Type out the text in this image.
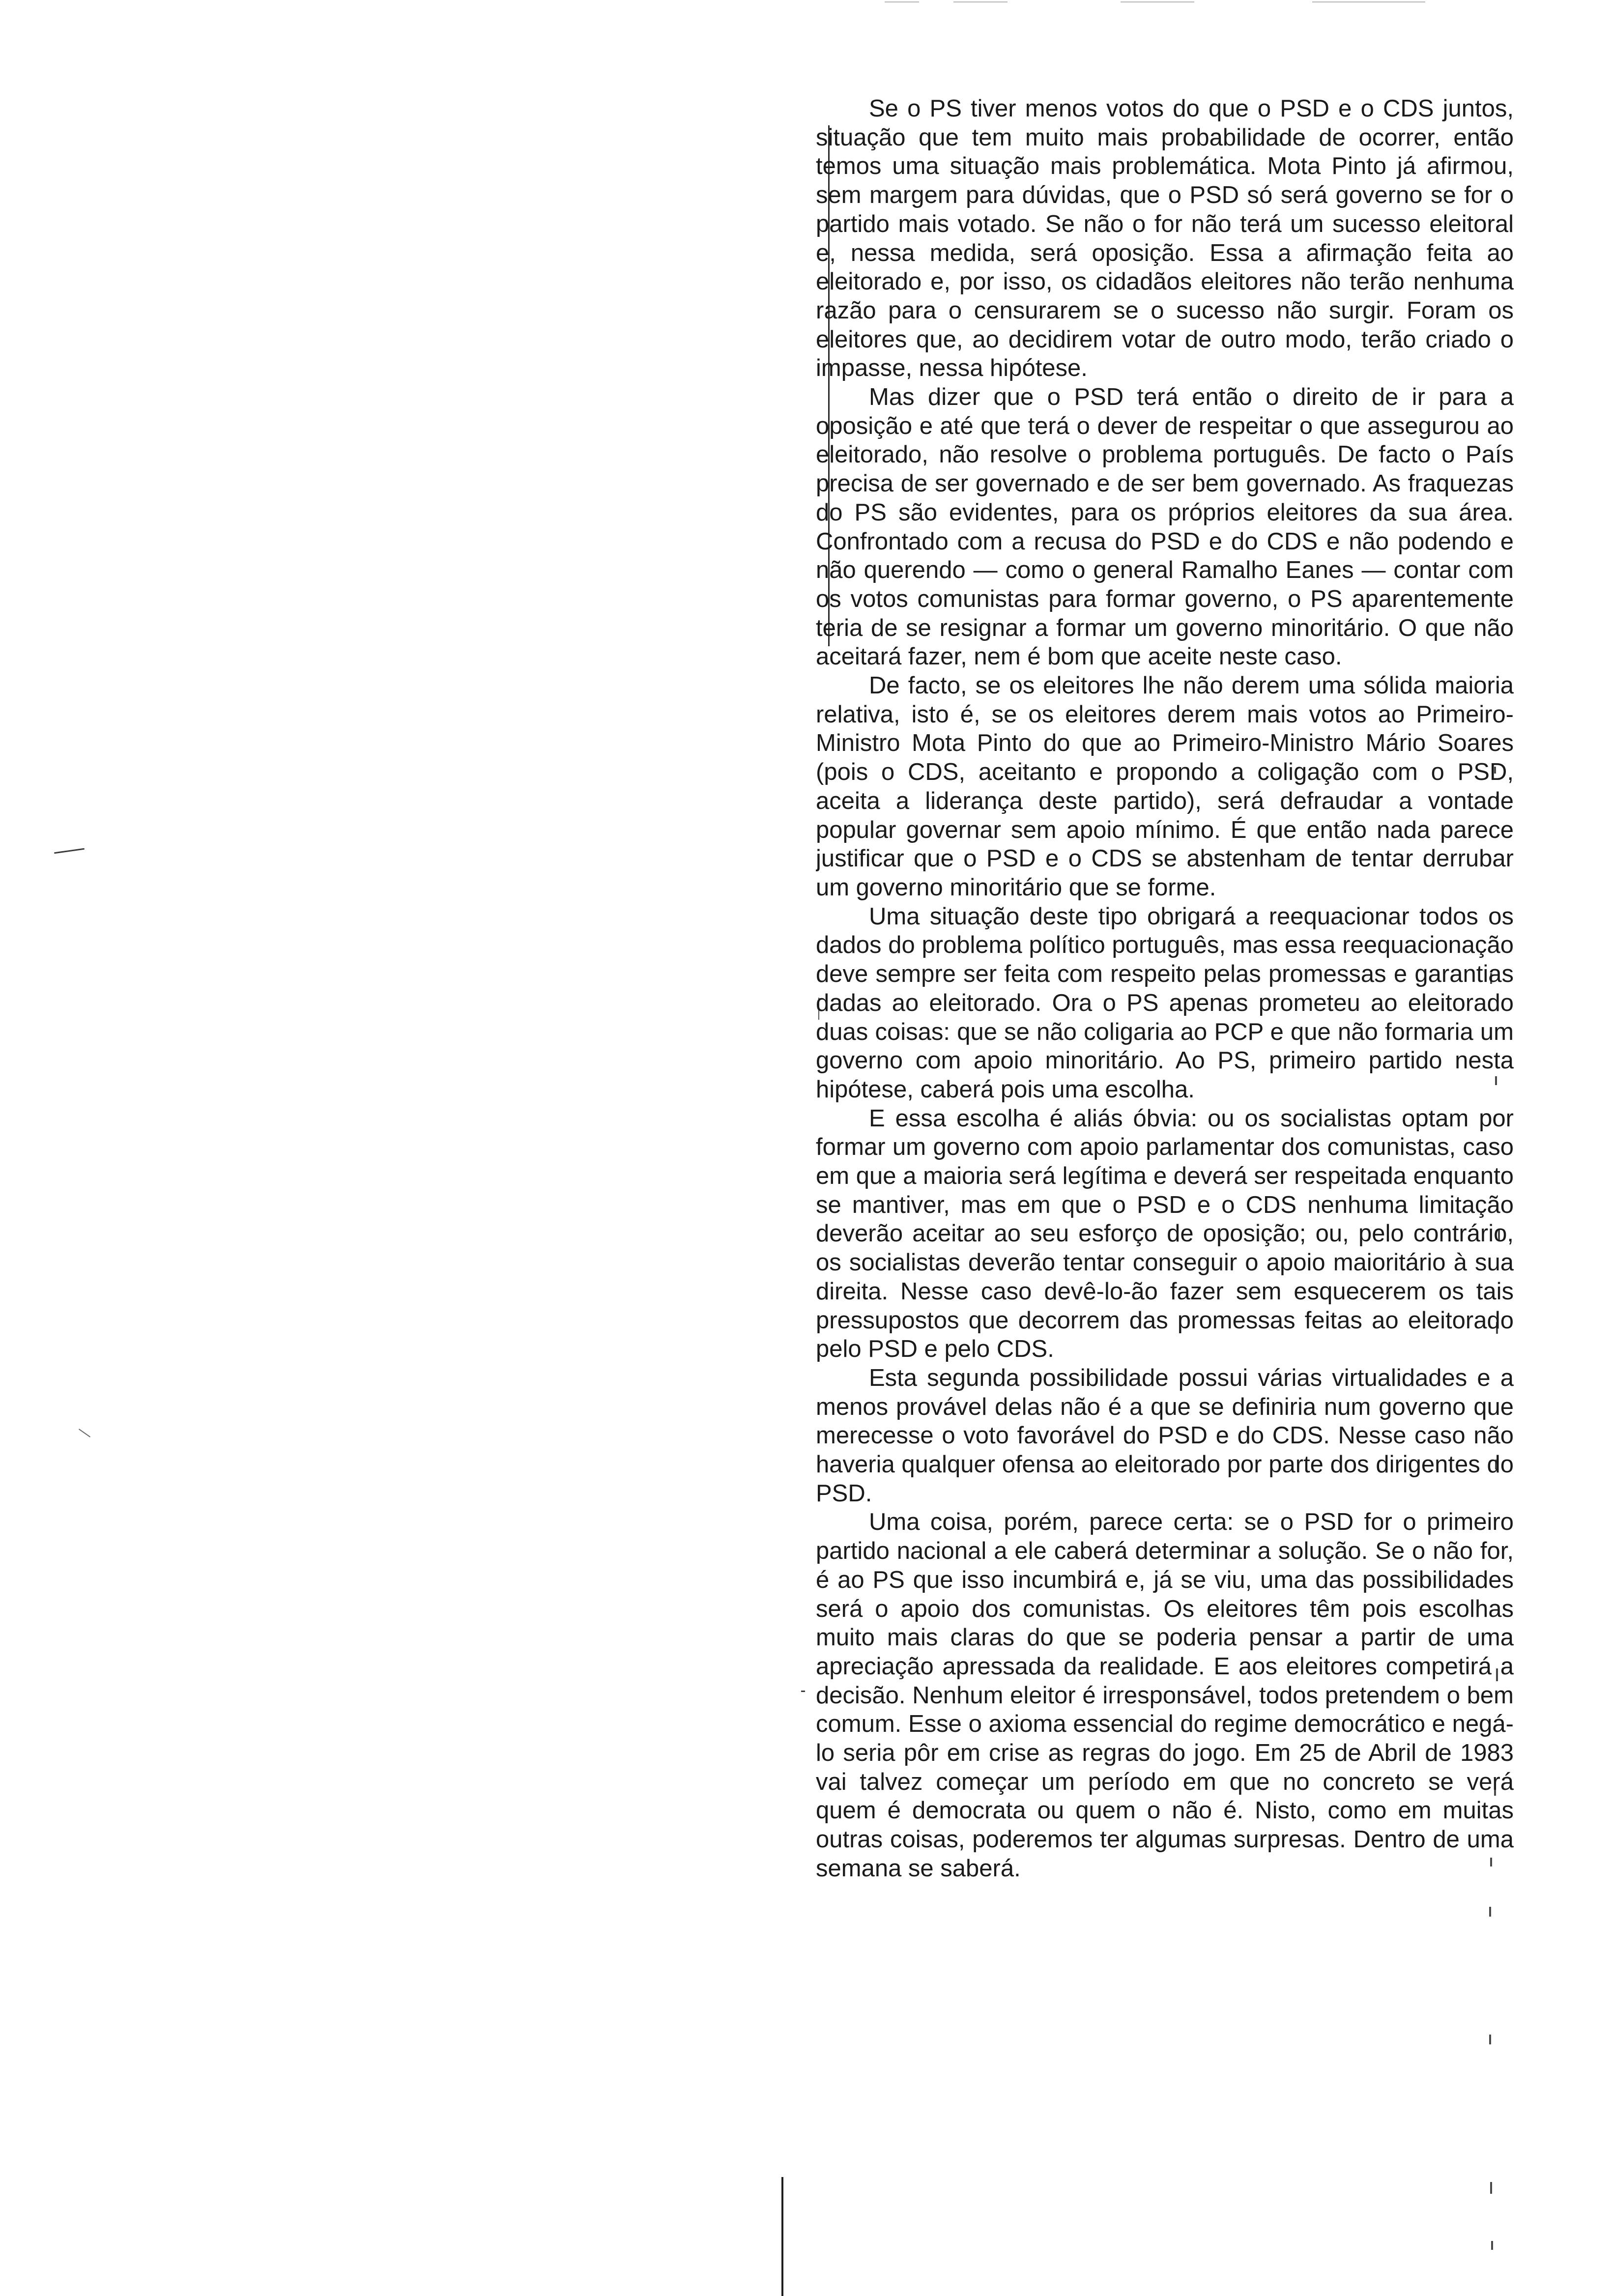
Se o PS tiver menos votos do que o PSD e o CDS juntos, situação que tem muito mais probabilidade de ocorrer, então temos uma situação mais problemática. Mota Pinto já afirmou, sem margem para dúvidas, que o PSD só será governo se for o partido mais votado. Se não o for não terá um sucesso eleitoral e, nessa medida, será oposição. Essa a afirmação feita ao eleitorado e, por isso, os cidadãos eleitores não terão nenhuma razão para o censurarem se o sucesso não surgir. Foram os eleitores que, ao decidirem votar de outro modo, terão criado o impasse, nessa hipótese.

Mas dizer que o PSD terá então o direito de ir para a oposição e até que terá o dever de respeitar o que assegurou ao eleitorado, não resolve o problema português. De facto o País precisa de ser governado e de ser bem governado. As fraquezas do PS são evidentes, para os próprios eleitores da sua área. Confrontado com a recusa do PSD e do CDS e não podendo e não querendo — como o general Ramalho Eanes — contar com os votos comunistas para formar governo, o PS aparentemente teria de se resignar a formar um governo minoritário. O que não aceitará fazer, nem é bom que aceite neste caso.

De facto, se os eleitores lhe não derem uma sólida maioria relativa, isto é, se os eleitores derem mais votos ao Primeiro-Ministro Mota Pinto do que ao Primeiro-Ministro Mário Soares (pois o CDS, aceitanto e propondo a coligação com o PSD, aceita a liderança deste partido), será defraudar a vontade popular governar sem apoio mínimo. É que então nada parece justificar que o PSD e o CDS se abstenham de tentar derrubar um governo minoritário que se forme.

Uma situação deste tipo obrigará a reequacionar todos os dados do problema político português, mas essa reequacionação deve sempre ser feita com respeito pelas promessas e garantias dadas ao eleitorado. Ora o PS apenas prometeu ao eleitorado duas coisas: que se não coligaria ao PCP e que não formaria um governo com apoio minoritário. Ao PS, primeiro partido nesta hipótese, caberá pois uma escolha.

E essa escolha é aliás óbvia: ou os socialistas optam por formar um governo com apoio parlamentar dos comunistas, caso em que a maioria será legítima e deverá ser respeitada enquanto se mantiver, mas em que o PSD e o CDS nenhuma limitação deverão aceitar ao seu esforço de oposição; ou, pelo contrário, os socialistas deverão tentar conseguir o apoio maioritário à sua direita. Nesse caso devê-lo-ão fazer sem esquecerem os tais pressupostos que decorrem das promessas feitas ao eleitorado pelo PSD e pelo CDS.

Esta segunda possibilidade possui várias virtualidades e a menos provável delas não é a que se definiria num governo que merecesse o voto favorável do PSD e do CDS. Nesse caso não haveria qualquer ofensa ao eleitorado por parte dos dirigentes do PSD.

Uma coisa, porém, parece certa: se o PSD for o primeiro partido nacional a ele caberá determinar a solução. Se o não for, é ao PS que isso incumbirá e, já se viu, uma das possibilidades será o apoio dos comunistas. Os eleitores têm pois escolhas muito mais claras do que se poderia pensar a partir de uma apreciação apressada da realidade. E aos eleitores competirá a decisão. Nenhum eleitor é irresponsável, todos pretendem o bem comum. Esse o axioma essencial do regime democrático e negá-lo seria pôr em crise as regras do jogo. Em 25 de Abril de 1983 vai talvez começar um período em que no concreto se verá quem é democrata ou quem o não é. Nisto, como em muitas outras coisas, poderemos ter algumas surpresas. Dentro de uma semana se saberá.
